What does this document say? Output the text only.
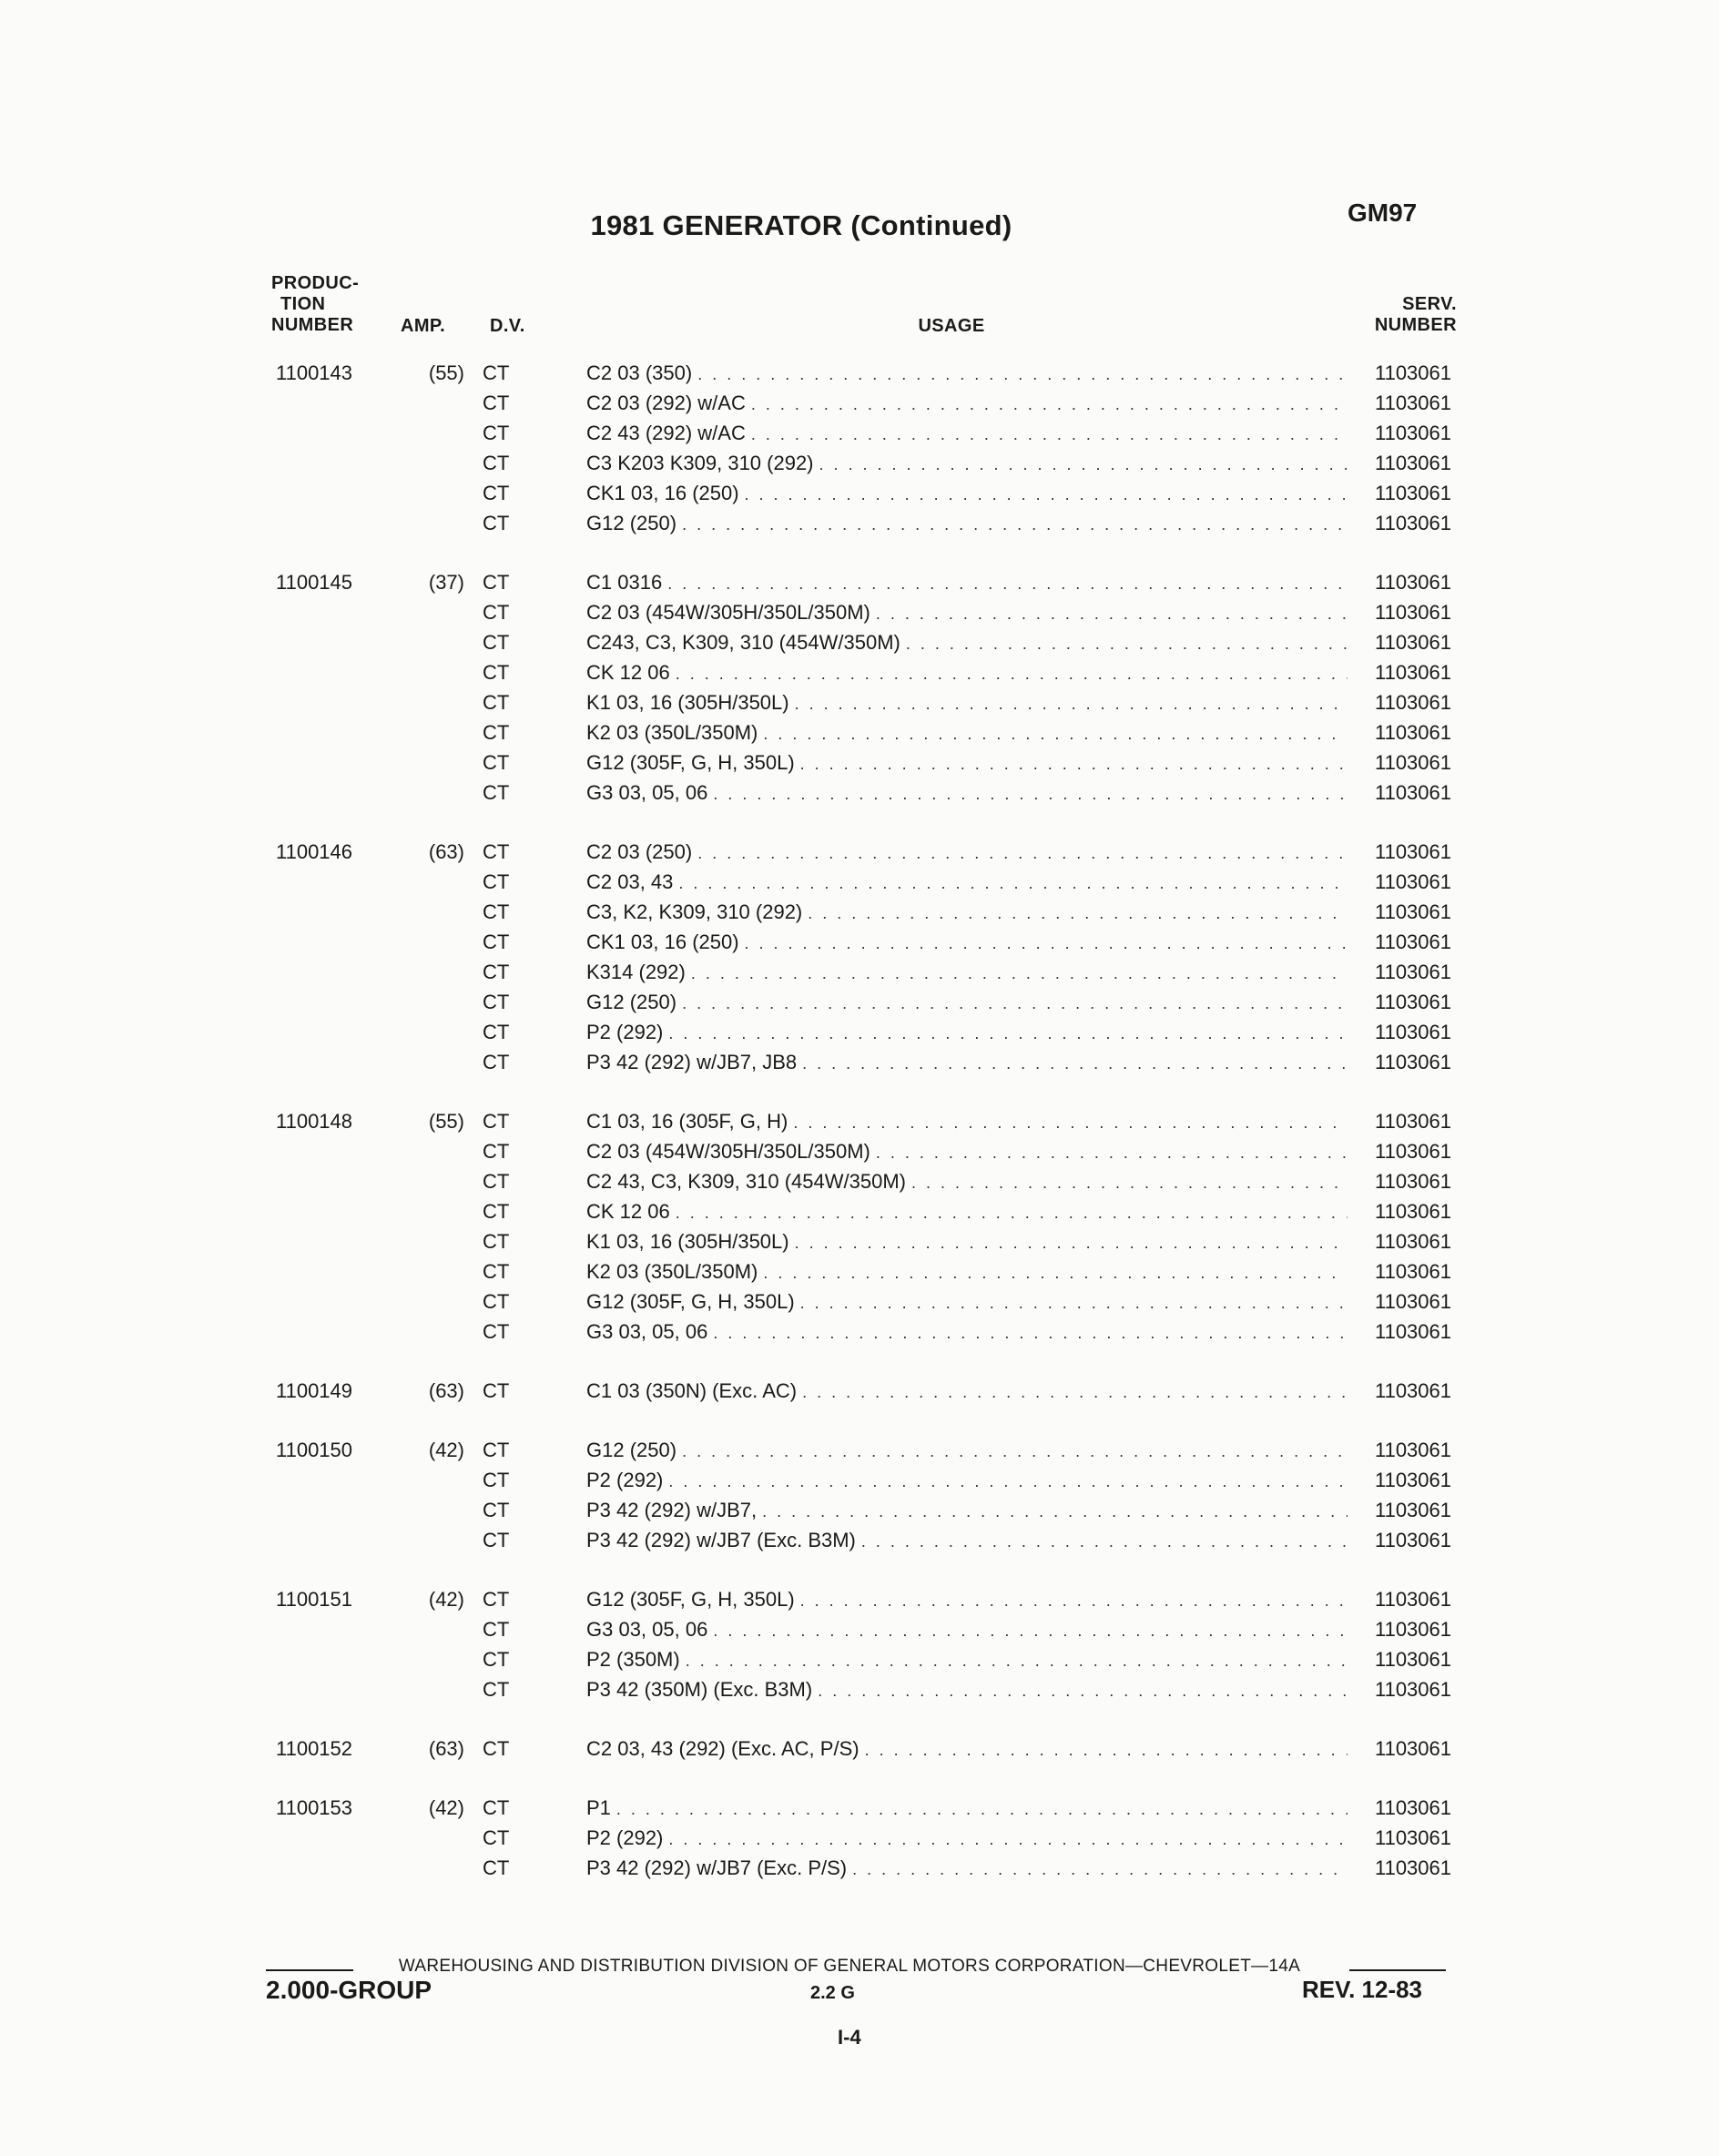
1981 GENERATOR (Continued)	GM97
PRODUC-
TION
NUMBER	AMP. D.V.	USAGE
SERV.
NUMBER
1100143	(55) CT	C2 03 (350) . . .	1103061
CT	C2 03 (292) w/AC . . .	1103061
CT	C2 43 (292) w/AC . . .	1103061
CT	C3 K203 K309, 310 (292) . . .	1103061
CT	CK1 03, 16 (250) . . .	1103061
CT	G12 (250) . . .	1103061
1100145	(37) CT	C1 0316 . . .	1103061
CT	C2 03 (454W/305H/350L/350M) . . .	1103061
CT	C243, C3, K309, 310 (454W/350M) . . .	1103061
CT	CK 12 06 . . .	1103061
CT	K1 03, 16 (305H/350L) . . .	1103061
CT	K2 03 (350L/350M) . . .	1103061
CT	G12 (305F, G, H, 350L) . . .	1103061
CT	G3 03, 05, 06 . . .	1103061
1100146	(63) CT	C2 03 (250) . . .	1103061
CT	C2 03, 43 . . .	1103061
CT	C3, K2, K309, 310 (292) . . .	1103061
CT	CK1 03, 16 (250) . . .	1103061
CT	K314 (292) . . .	1103061
CT	G12 (250) . . .	1103061
CT	P2 (292) . . .	1103061
CT	P3 42 (292) w/JB7, JB8 . . .	1103061
1100148	(55) CT	C1 03, 16 (305F, G, H) . . .	1103061
CT	C2 03 (454W/305H/350L/350M) . . .	1103061
CT	C2 43, C3, K309, 310 (454W/350M) . . .	1103061
CT	CK 12 06 . . .	1103061
CT	K1 03, 16 (305H/350L) . . .	1103061
CT	K2 03 (350L/350M) . . .	1103061
CT	G12 (305F, G, H, 350L) . . .	1103061
CT	G3 03, 05, 06 . . .	1103061
1100149	(63) CT	C1 03 (350N) (Exc. AC) . . .	1103061
1100150	(42) CT	G12 (250) . . .	1103061
CT	P2 (292) . . .	1103061
CT	P3 42 (292) w/JB7, . . .	1103061
CT	P3 42 (292) w/JB7 (Exc. B3M) . . .	1103061
1100151	(42) CT	G12 (305F, G, H, 350L) . . .	1103061
CT	G3 03, 05, 06 . . .	1103061
CT	P2 (350M) . . .	1103061
CT	P3 42 (350M) (Exc. B3M) . . .	1103061
1100152	(63) CT	C2 03, 43 (292) (Exc. AC, P/S) . . .	1103061
1100153	(42) CT	P1 . . .	1103061
CT	P2 (292) . . .	1103061
CT	P3 42 (292) w/JB7 (Exc. P/S) . . .	1103061
WAREHOUSING AND DISTRIBUTION DIVISION OF GENERAL MOTORS CORPORATION—CHEVROLET—14A
2.000-GROUP	2.2 G	REV. 12-83
I-4
